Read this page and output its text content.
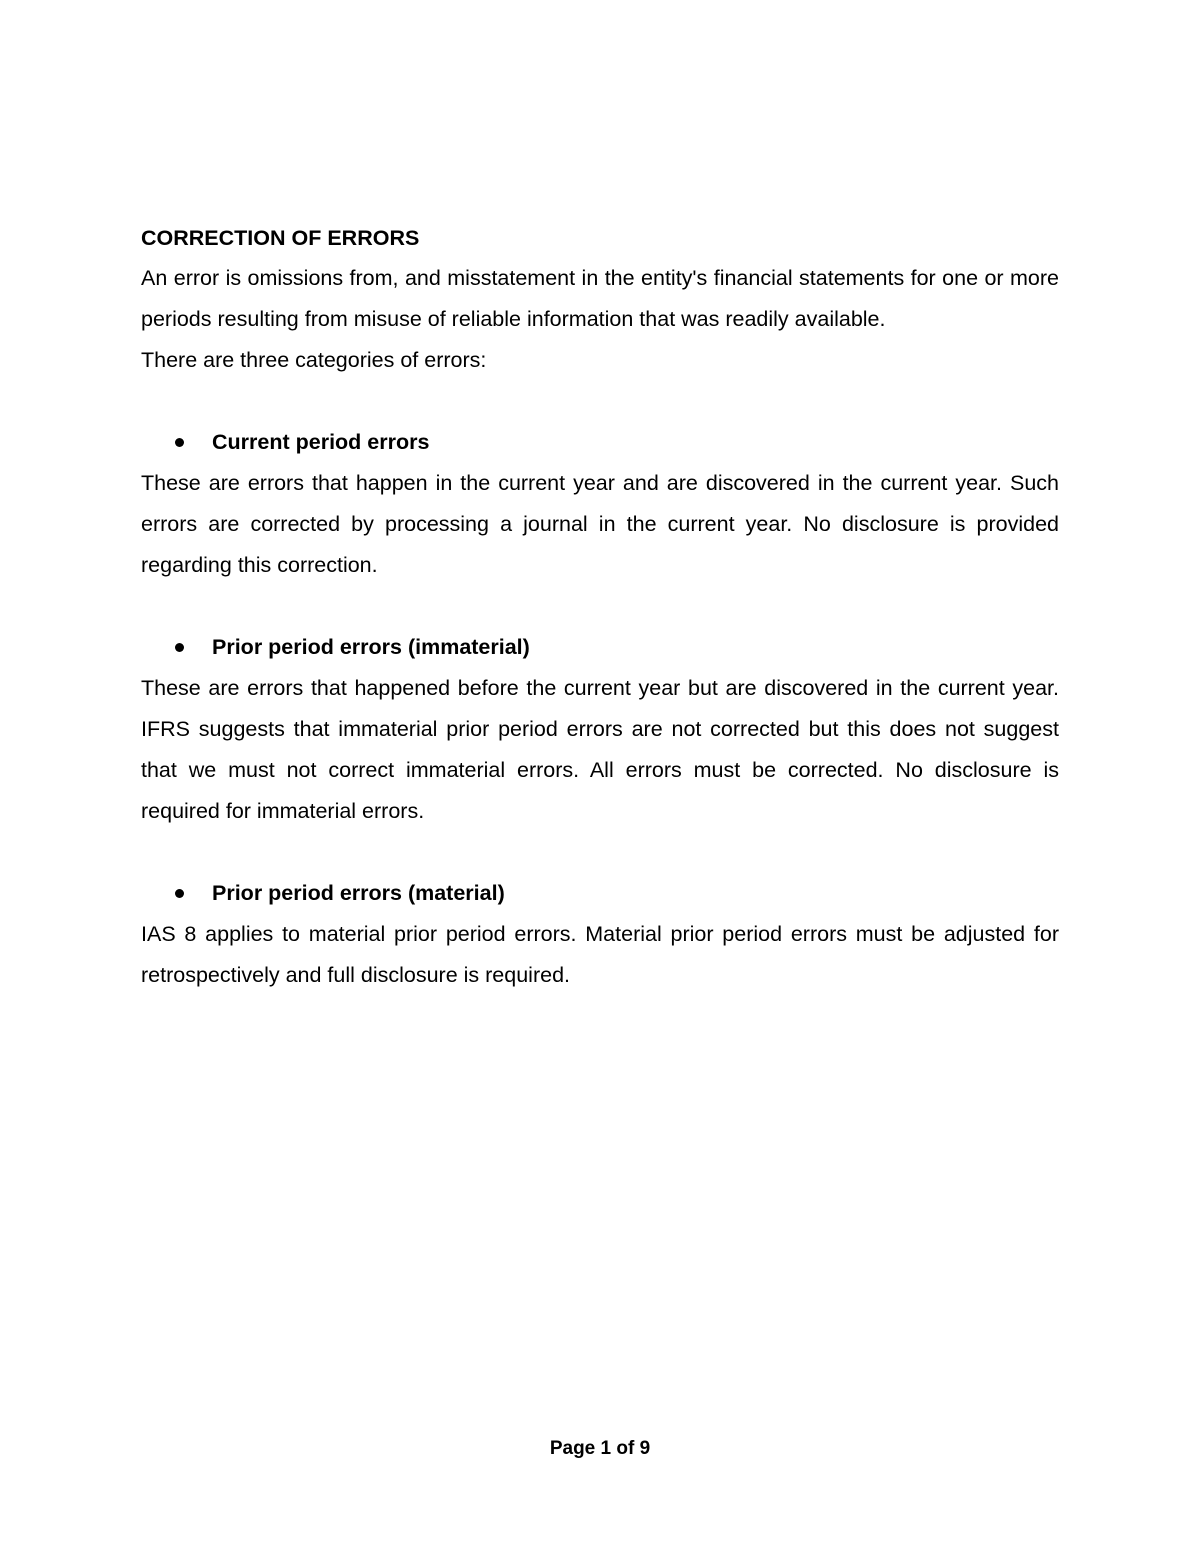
CORRECTION OF ERRORS

An error is omissions from, and misstatement in the entity's financial statements for one or more periods resulting from misuse of reliable information that was readily available.

There are three categories of errors:

Current period errors

These are errors that happen in the current year and are discovered in the current year. Such errors are corrected by processing a journal in the current year. No disclosure is provided regarding this correction.

Prior period errors (immaterial)

These are errors that happened before the current year but are discovered in the current year. IFRS suggests that immaterial prior period errors are not corrected but this does not suggest that we must not correct immaterial errors. All errors must be corrected. No disclosure is required for immaterial errors.

Prior period errors (material)

IAS 8 applies to material prior period errors. Material prior period errors must be adjusted for retrospectively and full disclosure is required.

Page 1 of 9
